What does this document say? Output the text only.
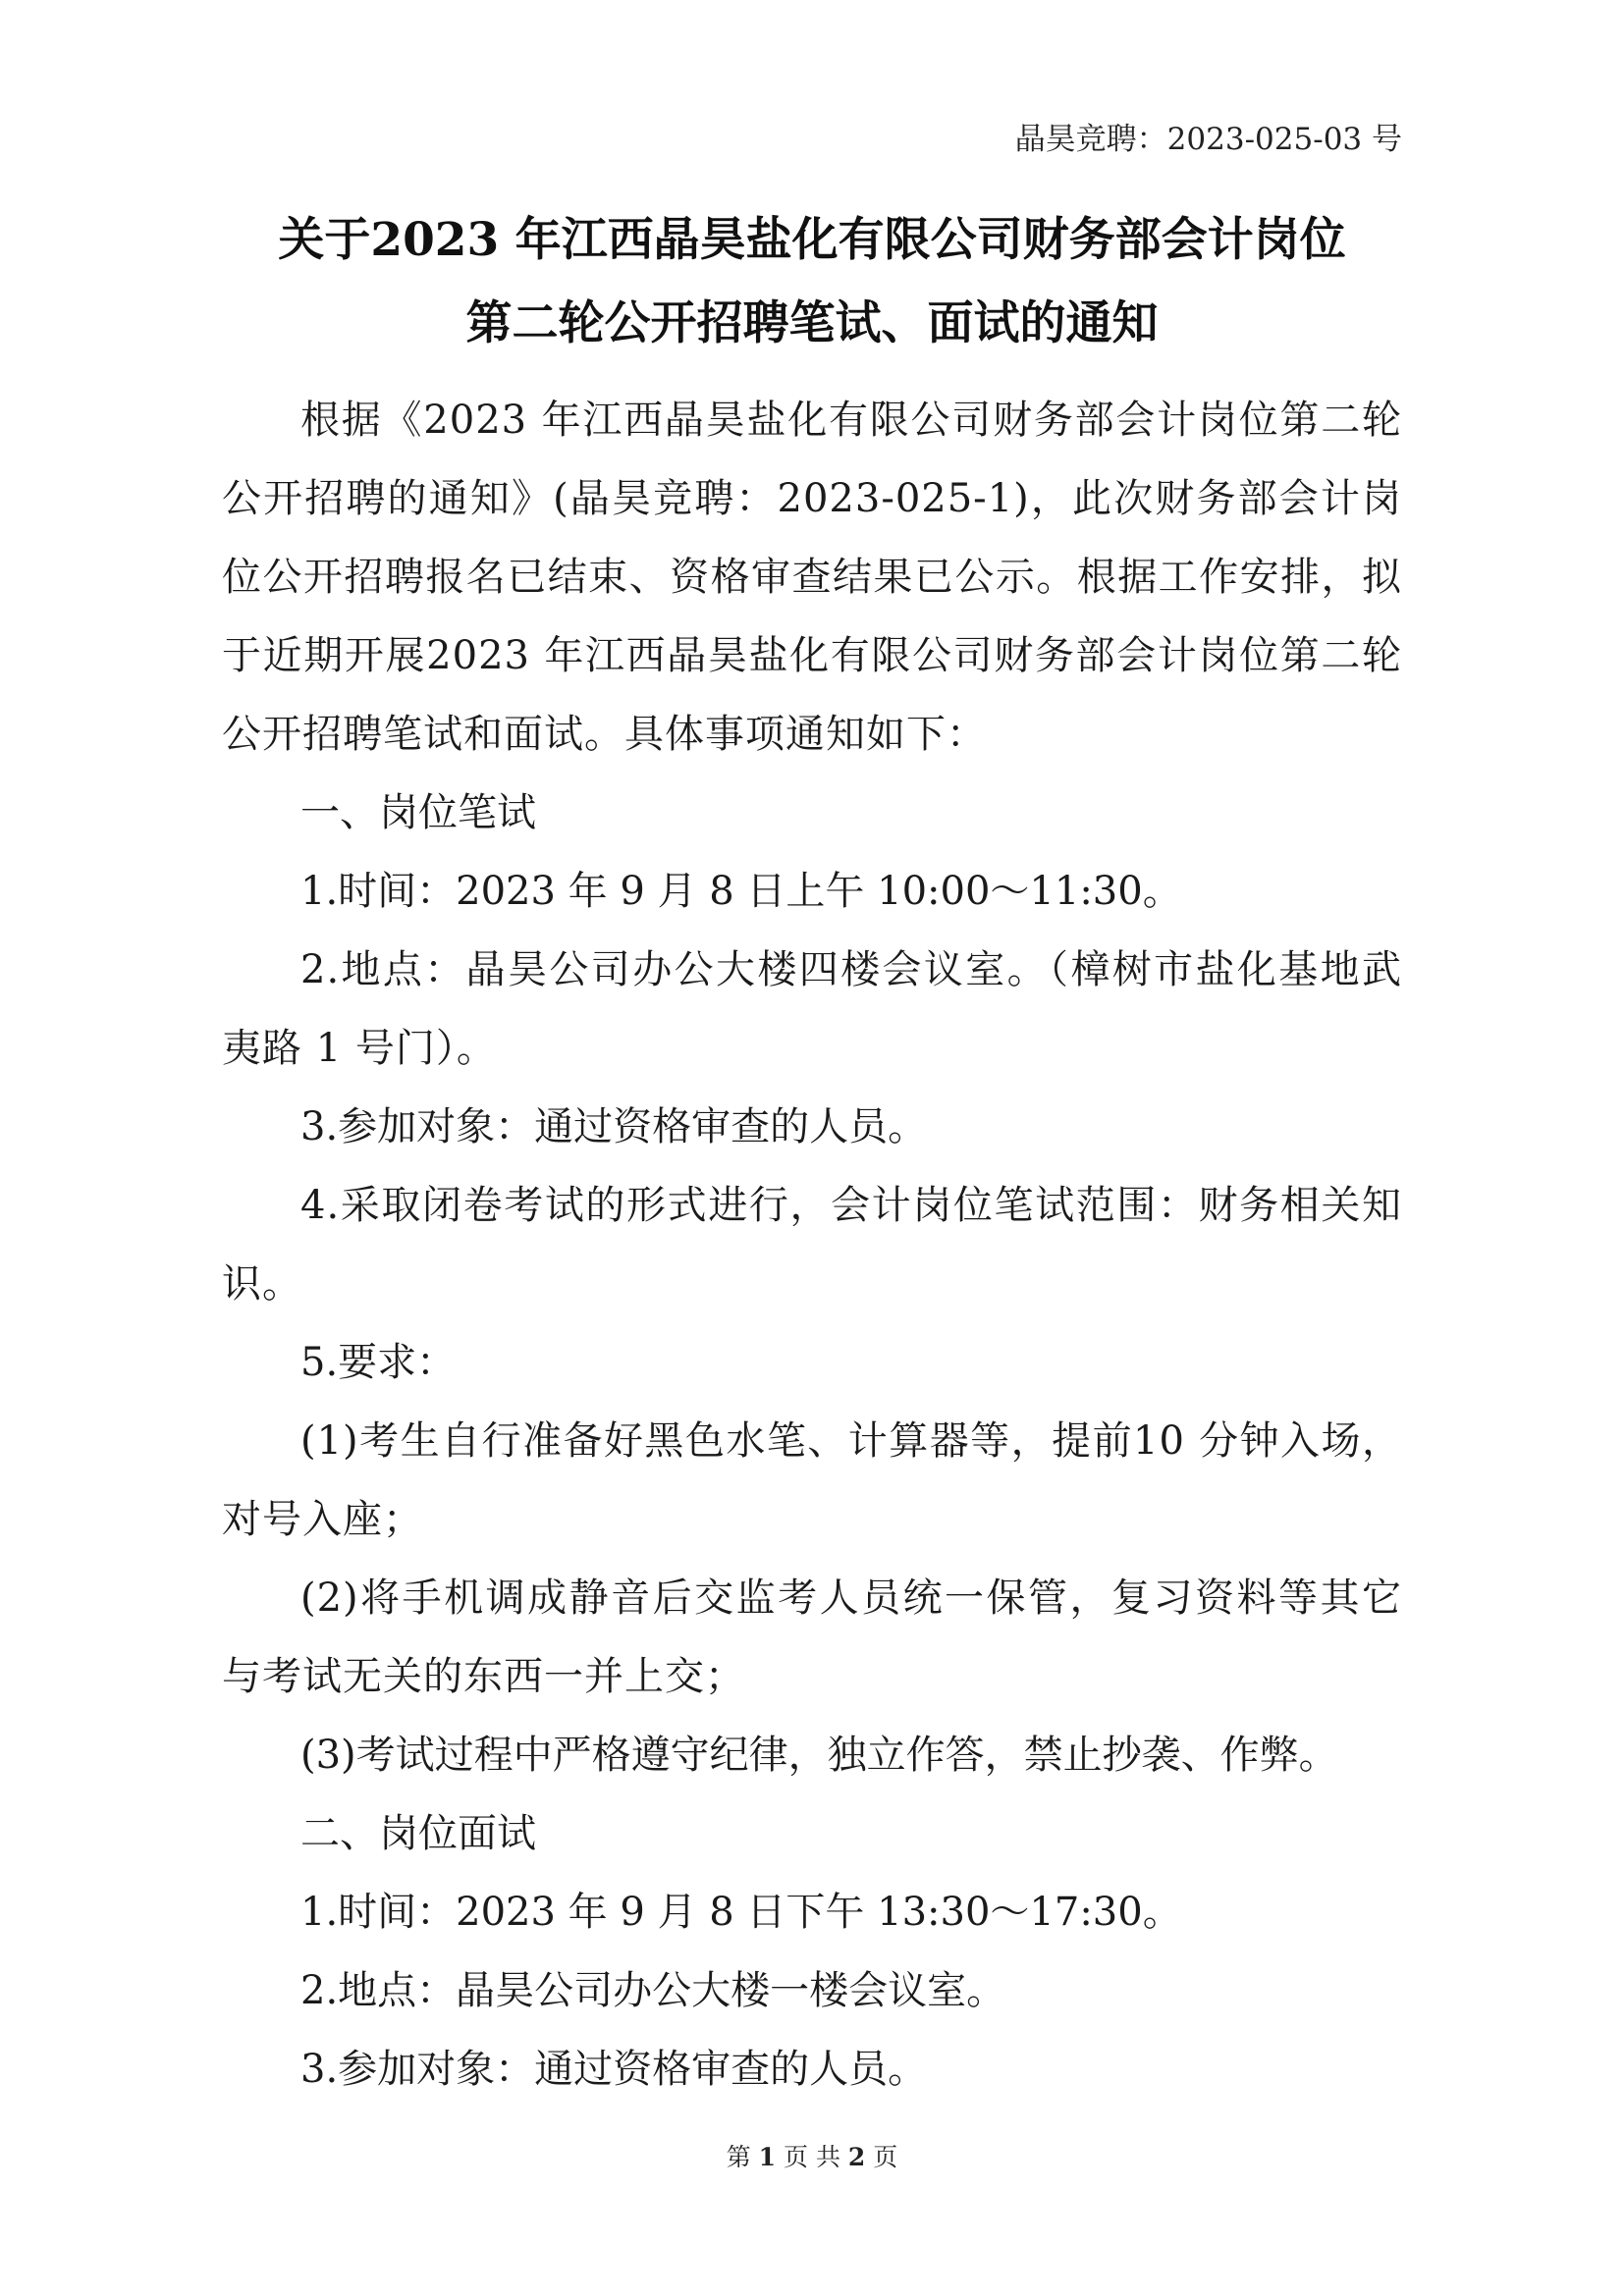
晶昊竞聘：2023-025-03 号
关于2023 年江西晶昊盐化有限公司财务部会计岗位
第二轮公开招聘笔试、面试的通知

根据《2023 年江西晶昊盐化有限公司财务部会计岗位第二轮公开招聘的通知》(晶昊竞聘：2023-025-1)，此次财务部会计岗位公开招聘报名已结束、资格审查结果已公示。根据工作安排，拟于近期开展2023 年江西晶昊盐化有限公司财务部会计岗位第二轮公开招聘笔试和面试。具体事项通知如下：

一、岗位笔试

1.时间：2023 年 9 月 8 日上午 10:00～11:30。

2.地点：晶昊公司办公大楼四楼会议室。（樟树市盐化基地武夷路 1 号门）。

3.参加对象：通过资格审查的人员。

4.采取闭卷考试的形式进行，会计岗位笔试范围：财务相关知识。

5.要求：

(1)考生自行准备好黑色水笔、计算器等，提前10 分钟入场，对号入座；

(2)将手机调成静音后交监考人员统一保管，复习资料等其它与考试无关的东西一并上交；

(3)考试过程中严格遵守纪律，独立作答，禁止抄袭、作弊。

二、岗位面试

1.时间：2023 年 9 月 8 日下午 13:30～17:30。

2.地点：晶昊公司办公大楼一楼会议室。

3.参加对象：通过资格审查的人员。

第 1 页 共 2 页
